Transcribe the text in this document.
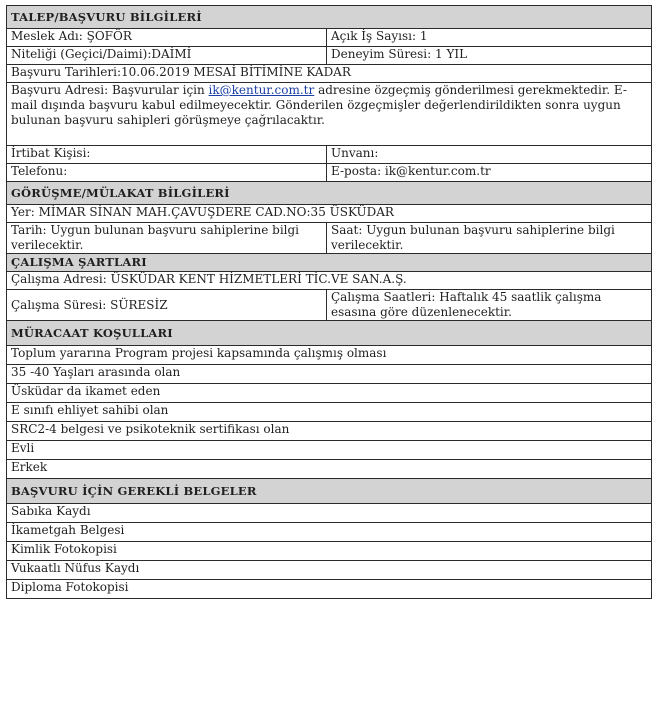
TALEP/BAŞVURU BİLGİLERİ	
Meslek Adı: ŞOFÖR	Açık İş Sayısı: 1
Niteliği (Geçici/Daimi):DAİMİ	Deneyim Süresi: 1 YIL
Başvuru Tarihleri:10.06.2019 MESAİ BİTİMİNE KADAR	
Başvuru Adresi: Başvurular için ik@kentur.com.tr adresine özgeçmiş gönderilmesi gerekmektedir. E-mail dışında başvuru kabul edilmeyecektir. Gönderilen özgeçmişler değerlendirildikten sonra uygun bulunan başvuru sahipleri görüşmeye çağrılacaktır.	
İrtibat Kişisi:	Unvanı:
Telefonu:	E-posta: ik@kentur.com.tr
GÖRÜŞME/MÜLAKAT BİLGİLERİ	
Yer: MİMAR SİNAN MAH.ÇAVUŞDERE CAD.NO:35 ÜSKÜDAR	
Tarih: Uygun bulunan başvuru sahiplerine bilgi verilecektir.	Saat: Uygun bulunan başvuru sahiplerine bilgi verilecektir.
ÇALIŞMA ŞARTLARI	
Çalışma Adresi: ÜSKÜDAR KENT HİZMETLERİ TİC.VE SAN.A.Ş.	
Çalışma Süresi: SÜRESİZ	Çalışma Saatleri: Haftalık 45 saatlik çalışma esasına göre düzenlenecektir.
MÜRACAAT KOŞULLARI	
Toplum yararına Program projesi kapsamında çalışmış olması	
35 -40 Yaşları arasında olan	
Üsküdar da ikamet eden	
E sınıfı ehliyet sahibi olan	
SRC2-4 belgesi ve psikoteknik sertifikası olan	
Evli	
Erkek	
BAŞVURU İÇİN GEREKLİ BELGELER	
Sabıka Kaydı	
İkametgah Belgesi	
Kimlik Fotokopisi	
Vukaatlı Nüfus Kaydı	
Diploma Fotokopisi	
